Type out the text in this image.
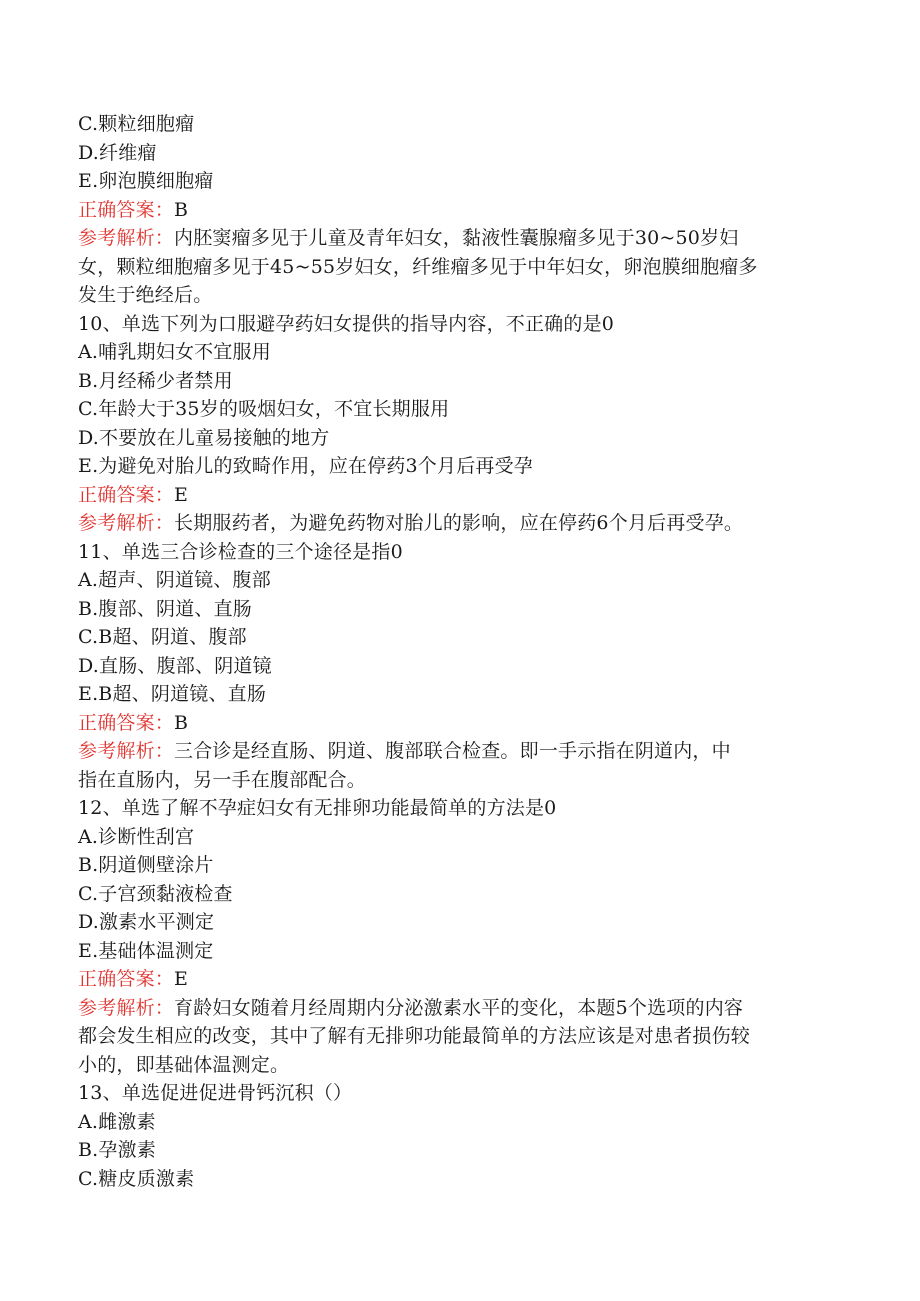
C.颗粒细胞瘤
D.纤维瘤
E.卵泡膜细胞瘤
正确答案：B
参考解析：内胚窦瘤多见于儿童及青年妇女，黏液性囊腺瘤多见于30~50岁妇
女，颗粒细胞瘤多见于45~55岁妇女，纤维瘤多见于中年妇女，卵泡膜细胞瘤多
发生于绝经后。
10、单选下列为口服避孕药妇女提供的指导内容，不正确的是0
A.哺乳期妇女不宜服用
B.月经稀少者禁用
C.年龄大于35岁的吸烟妇女，不宜长期服用
D.不要放在儿童易接触的地方
E.为避免对胎儿的致畸作用，应在停药3个月后再受孕
正确答案：E
参考解析：长期服药者，为避免药物对胎儿的影响，应在停药6个月后再受孕。
11、单选三合诊检查的三个途径是指0
A.超声、阴道镜、腹部
B.腹部、阴道、直肠
C.B超、阴道、腹部
D.直肠、腹部、阴道镜
E.B超、阴道镜、直肠
正确答案：B
参考解析：三合诊是经直肠、阴道、腹部联合检查。即一手示指在阴道内，中
指在直肠内，另一手在腹部配合。
12、单选了解不孕症妇女有无排卵功能最简单的方法是0
A.诊断性刮宫
B.阴道侧壁涂片
C.子宫颈黏液检查
D.激素水平测定
E.基础体温测定
正确答案：E
参考解析：育龄妇女随着月经周期内分泌激素水平的变化，本题5个选项的内容
都会发生相应的改变，其中了解有无排卵功能最简单的方法应该是对患者损伤较
小的，即基础体温测定。
13、单选促进促进骨钙沉积（）
A.雌激素
B.孕激素
C.糖皮质激素
